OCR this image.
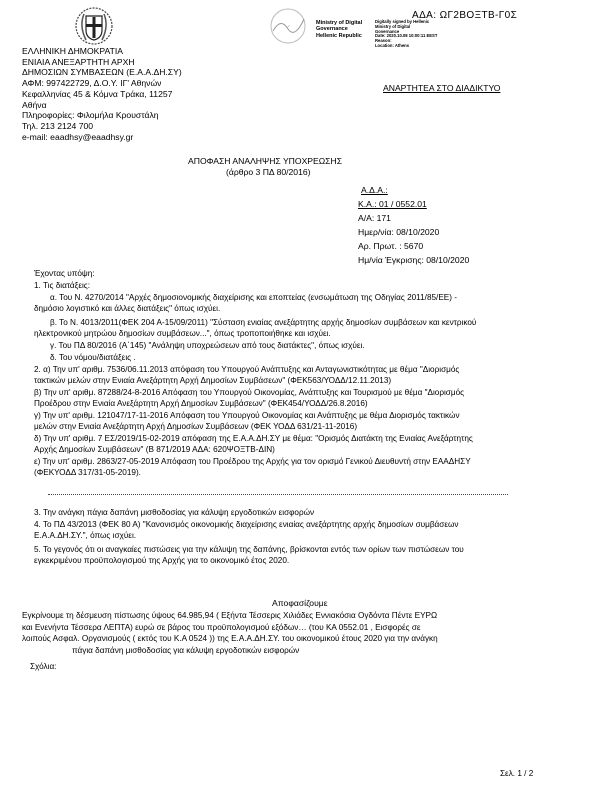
✓
ΑΔΑ: ΩΓ2ΒΟΞΤΒ-Γ0Σ
Ministry of Digital
Governance
Hellenic Republic
Digitally signed by Hellenic
Ministry of Digital
Governance
Date: 2020.10.08 10:00:11 EEST
Reason:
Location: Athens
ΕΛΛΗΝΙΚΗ ΔΗΜΟΚΡΑΤΙΑ
ΕΝΙΑΙΑ ΑΝΕΞΑΡΤΗΤΗ ΑΡΧΗ
ΔΗΜΟΣΙΩΝ ΣΥΜΒΑΣΕΩΝ (Ε.Α.Α.ΔΗ.ΣΥ)
ΑΦΜ: 997422729, Δ.Ο.Υ. ΙΓ' Αθηνών
Κεφαλληνίας 45 & Κόμνα Τράκα, 11257
Αθήνα
Πληροφορίες: Φιλομήλα Κρουστάλη
Τηλ. 213 2124 700
e-mail: eaadhsy@eaadhsy.gr
ΑΝΑΡΤΗΤΕΑ ΣΤΟ ΔΙΑΔΙΚΤΥΟ
ΑΠΟΦΑΣΗ ΑΝΑΛΗΨΗΣ ΥΠΟΧΡΕΩΣΗΣ
(άρθρο 3 ΠΔ 80/2016)
Α.Δ.Α.:
Κ.Α.: 01 / 0552.01
Α/Α: 171
Ημερ/νία: 08/10/2020
Αρ. Πρωτ. : 5670
Ημ/νία Έγκρισης: 08/10/2020
Έχοντας υπόψη:
1. Τις διατάξεις:
α. Του Ν. 4270/2014 "Αρχές δημοσιονομικής διαχείρισης και εποπτείας (ενσωμάτωση της Οδηγίας 2011/85/ΕΕ) -
δημόσιο λογιστικό και άλλες διατάξεις" όπως ισχύει.
β. Το Ν. 4013/2011(ΦΕΚ 204 Α-15/09/2011) "Σύσταση ενιαίας ανεξάρτητης αρχής δημοσίων συμβάσεων και κεντρικού
ηλεκτρονικού μητρώου δημοσίων συμβάσεων...", όπως τροποποιήθηκε και ισχύει.
γ. Του ΠΔ 80/2016 (Α΄145) "Ανάληψη υποχρεώσεων από τους διατάκτες", όπως ισχύει.
δ. Του νόμου/διατάξεις .
2. α) Την υπ' αριθμ. 7536/06.11.2013 απόφαση του Υπουργού Ανάπτυξης και Ανταγωνιστικότητας με θέμα "Διορισμός
τακτικών μελών στην Ενιαία Ανεξάρτητη Αρχή Δημοσίων Συμβάσεων" (ΦΕΚ563/ΥΟΔΔ/12.11.2013)
β) Την υπ' αριθμ. 87288/24-8-2016 Απόφαση του Υπουργού Οικονομίας, Ανάπτυξης και Τουρισμού με θέμα "Διορισμός
Προέδρου στην Ενιαία Ανεξάρτητη Αρχή Δημοσίων Συμβάσεων" (ΦΕΚ454/ΥΟΔΔ/26.8.2016)
γ) Την υπ' αριθμ. 121047/17-11-2016 Απόφαση του Υπουργού Οικονομίας και Ανάπτυξης με θέμα Διορισμός τακτικών
μελών στην Ενιαία Ανεξάρτητη Αρχή Δημοσίων Συμβάσεων (ΦΕΚ ΥΟΔΔ 631/21-11-2016)
δ) Την υπ' αριθμ. 7 ΕΣ/2019/15-02-2019 απόφαση της Ε.Α.Α.ΔΗ.ΣΥ με θέμα: "Ορισμός Διατάκτη της Ενιαίας Ανεξάρτητης
Αρχής Δημοσίων Συμβάσεων" (Β 871/2019 ΑΔΑ: 620ΨΟΞΤΒ-ΔΙΝ)
ε) Την υπ' αριθμ. 2863/27-05-2019 Απόφαση του Προέδρου της Αρχής για τον ορισμό Γενικού Διευθυντή στην ΕΑΑΔΗΣΥ
(ΦΕΚΥΟΔΔ 317/31-05-2019).
3. Την ανάγκη πάγια δαπάνη μισθοδοσίας για κάλυψη εργοδοτικών εισφορών
4. Το ΠΔ 43/2013 (ΦΕΚ 80 Α) "Κανονισμός οικονομικής διαχείρισης ενιαίας ανεξάρτητης αρχής δημοσίων συμβάσεων
Ε.Α.Α.ΔΗ.ΣΥ.", όπως ισχύει.
5. Το γεγονός ότι οι αναγκαίες πιστώσεις για την κάλυψη της δαπάνης, βρίσκονται εντός των ορίων των πιστώσεων του
εγκεκριμένου προϋπολογισμού της Αρχής για το οικονομικό έτος 2020.
Αποφασίζουμε
Εγκρίνουμε τη δέσμευση πίστωσης ύψους 64.985,94 ( Εξήντα Τέσσερις Χιλιάδες Εννιακόσια Ογδόντα Πέντε ΕΥΡΩ
και Ενενήντα Τέσσερα ΛΕΠΤΑ) ευρώ σε βάρος του προϋπολογισμού εξόδων… (του ΚΑ 0552.01 , Εισφορές σε
λοιπούς Ασφαλ. Οργανισμούς ( εκτός του Κ.Α 0524 )) της Ε.Α.Α.ΔΗ.ΣΥ. του οικονομικού έτους 2020 για την ανάγκη
πάγια δαπάνη μισθοδοσίας για κάλυψη εργοδοτικών εισφορών
Σχόλια:
Σελ. 1 / 2
